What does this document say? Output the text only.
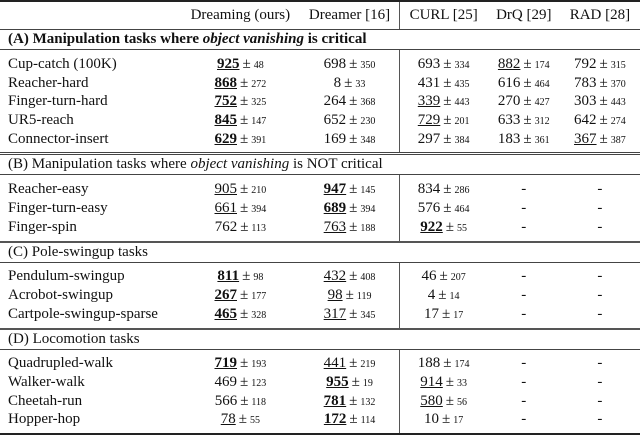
	Dreaming (ours)	Dreamer [16]	CURL [25]	DrQ [29]	RAD [28]
(A) Manipulation tasks where object vanishing is critical					
Cup-catch (100K)	925 ± 48	698 ± 350	693 ± 334	882 ± 174	792 ± 315
Reacher-hard	868 ± 272	8 ± 33	431 ± 435	616 ± 464	783 ± 370
Finger-turn-hard	752 ± 325	264 ± 368	339 ± 443	270 ± 427	303 ± 443
UR5-reach	845 ± 147	652 ± 230	729 ± 201	633 ± 312	642 ± 274
Connector-insert	629 ± 391	169 ± 348	297 ± 384	183 ± 361	367 ± 387
(B) Manipulation tasks where object vanishing is NOT critical					
Reacher-easy	905 ± 210	947 ± 145	834 ± 286	-	-
Finger-turn-easy	661 ± 394	689 ± 394	576 ± 464	-	-
Finger-spin	762 ± 113	763 ± 188	922 ± 55	-	-
(C) Pole-swingup tasks					
Pendulum-swingup	811 ± 98	432 ± 408	46 ± 207	-	-
Acrobot-swingup	267 ± 177	98 ± 119	4 ± 14	-	-
Cartpole-swingup-sparse	465 ± 328	317 ± 345	17 ± 17	-	-
(D) Locomotion tasks					
Quadrupled-walk	719 ± 193	441 ± 219	188 ± 174	-	-
Walker-walk	469 ± 123	955 ± 19	914 ± 33	-	-
Cheetah-run	566 ± 118	781 ± 132	580 ± 56	-	-
Hopper-hop	78 ± 55	172 ± 114	10 ± 17	-	-
